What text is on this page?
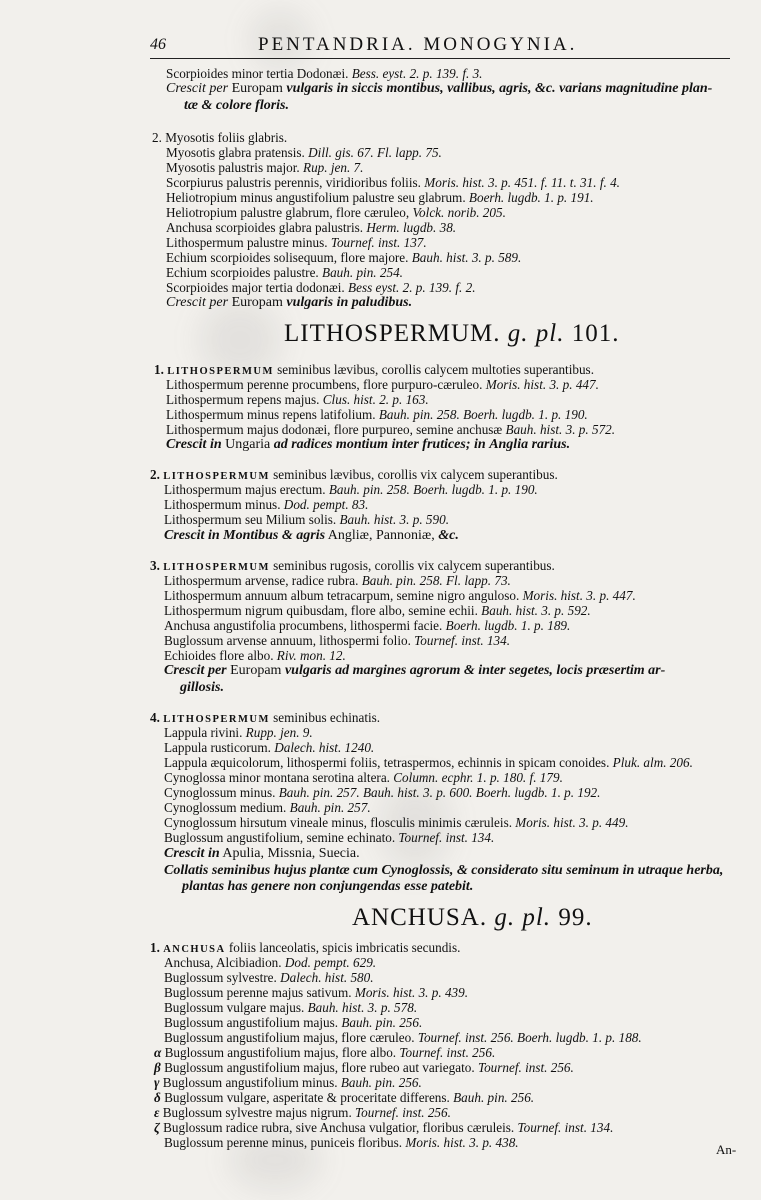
46	PENTANDRIA. MONOGYNIA.
Scorpioides minor tertia Dodonæi. Bess. eyst. 2. p. 139. f. 3.
Crescit per Europam vulgaris in siccis montibus, vallibus, agris, &c. varians magnitudine plan-
tæ & colore floris.
2. Myosotis foliis glabris.
Myosotis glabra pratensis. Dill. gis. 67. Fl. lapp. 75.
Myosotis palustris major. Rup. jen. 7.
Scorpiurus palustris perennis, viridioribus foliis. Moris. hist. 3. p. 451. f. 11. t. 31. f. 4.
Heliotropium minus angustifolium palustre seu glabrum. Boerh. lugdb. 1. p. 191.
Heliotropium palustre glabrum, flore cæruleo, Volck. norib. 205.
Anchusa scorpioides glabra palustris. Herm. lugdb. 38.
Lithospermum palustre minus. Tournef. inst. 137.
Echium scorpioides solisequum, flore majore. Bauh. hist. 3. p. 589.
Echium scorpioides palustre. Bauh. pin. 254.
Scorpioides major tertia dodonæi. Bess eyst. 2. p. 139. f. 2.
Crescit per Europam vulgaris in paludibus.
LITHOSPERMUM. g. pl. 101.
1. LITHOSPERMUM seminibus lævibus, corollis calycem multoties superantibus.
Lithospermum perenne procumbens, flore purpuro-cæruleo. Moris. hist. 3. p. 447.
Lithospermum repens majus. Clus. hist. 2. p. 163.
Lithospermum minus repens latifolium. Bauh. pin. 258. Boerh. lugdb. 1. p. 190.
Lithospermum majus dodonæi, flore purpureo, semine anchusæ Bauh. hist. 3. p. 572.
Crescit in Ungaria ad radices montium inter frutices; in Anglia rarius.
2. LITHOSPERMUM seminibus lævibus, corollis vix calycem superantibus.
Lithospermum majus erectum. Bauh. pin. 258. Boerh. lugdb. 1. p. 190.
Lithospermum minus. Dod. pempt. 83.
Lithospermum seu Milium solis. Bauh. hist. 3. p. 590.
Crescit in Montibus & agris Angliæ, Pannoniæ, &c.
3. LITHOSPERMUM seminibus rugosis, corollis vix calycem superantibus.
Lithospermum arvense, radice rubra. Bauh. pin. 258. Fl. lapp. 73.
Lithospermum annuum album tetracarpum, semine nigro anguloso. Moris. hist. 3. p. 447.
Lithospermum nigrum quibusdam, flore albo, semine echii. Bauh. hist. 3. p. 592.
Anchusa angustifolia procumbens, lithospermi facie. Boerh. lugdb. 1. p. 189.
Buglossum arvense annuum, lithospermi folio. Tournef. inst. 134.
Echioides flore albo. Riv. mon. 12.
Crescit per Europam vulgaris ad margines agrorum & inter segetes, locis præsertim ar-
gillosis.
4. LITHOSPERMUM seminibus echinatis.
Lappula rivini. Rupp. jen. 9.
Lappula rusticorum. Dalech. hist. 1240.
Lappula æquicolorum, lithospermi foliis, tetraspermos, echinnis in spicam conoides. Pluk. alm. 206.
Cynoglossa minor montana serotina altera. Column. ecphr. 1. p. 180. f. 179.
Cynoglossum minus. Bauh. pin. 257. Bauh. hist. 3. p. 600. Boerh. lugdb. 1. p. 192.
Cynoglossum medium. Bauh. pin. 257.
Cynoglossum hirsutum vineale minus, flosculis minimis cæruleis. Moris. hist. 3. p. 449.
Buglossum angustifolium, semine echinato. Tournef. inst. 134.
Crescit in Apulia, Missnia, Suecia.
Collatis seminibus hujus plantæ cum Cynoglossis, & considerato situ seminum in utraque herba,
plantas has genere non conjungendas esse patebit.
ANCHUSA. g. pl. 99.
1. ANCHUSA foliis lanceolatis, spicis imbricatis secundis.
Anchusa, Alcibiadion. Dod. pempt. 629.
Buglossum sylvestre. Dalech. hist. 580.
Buglossum perenne majus sativum. Moris. hist. 3. p. 439.
Buglossum vulgare majus. Bauh. hist. 3. p. 578.
Buglossum angustifolium majus. Bauh. pin. 256.
Buglossum angustifolium majus, flore cæruleo. Tournef. inst. 256. Boerh. lugdb. 1. p. 188.
α Buglossum angustifolium majus, flore albo. Tournef. inst. 256.
β Buglossum angustifolium majus, flore rubeo aut variegato. Tournef. inst. 256.
γ Buglossum angustifolium minus. Bauh. pin. 256.
δ Buglossum vulgare, asperitate & proceritate differens. Bauh. pin. 256.
ε Buglossum sylvestre majus nigrum. Tournef. inst. 256.
ζ Buglossum radice rubra, sive Anchusa vulgatior, floribus cæruleis. Tournef. inst. 134.
Buglossum perenne minus, puniceis floribus. Moris. hist. 3. p. 438.	An-
